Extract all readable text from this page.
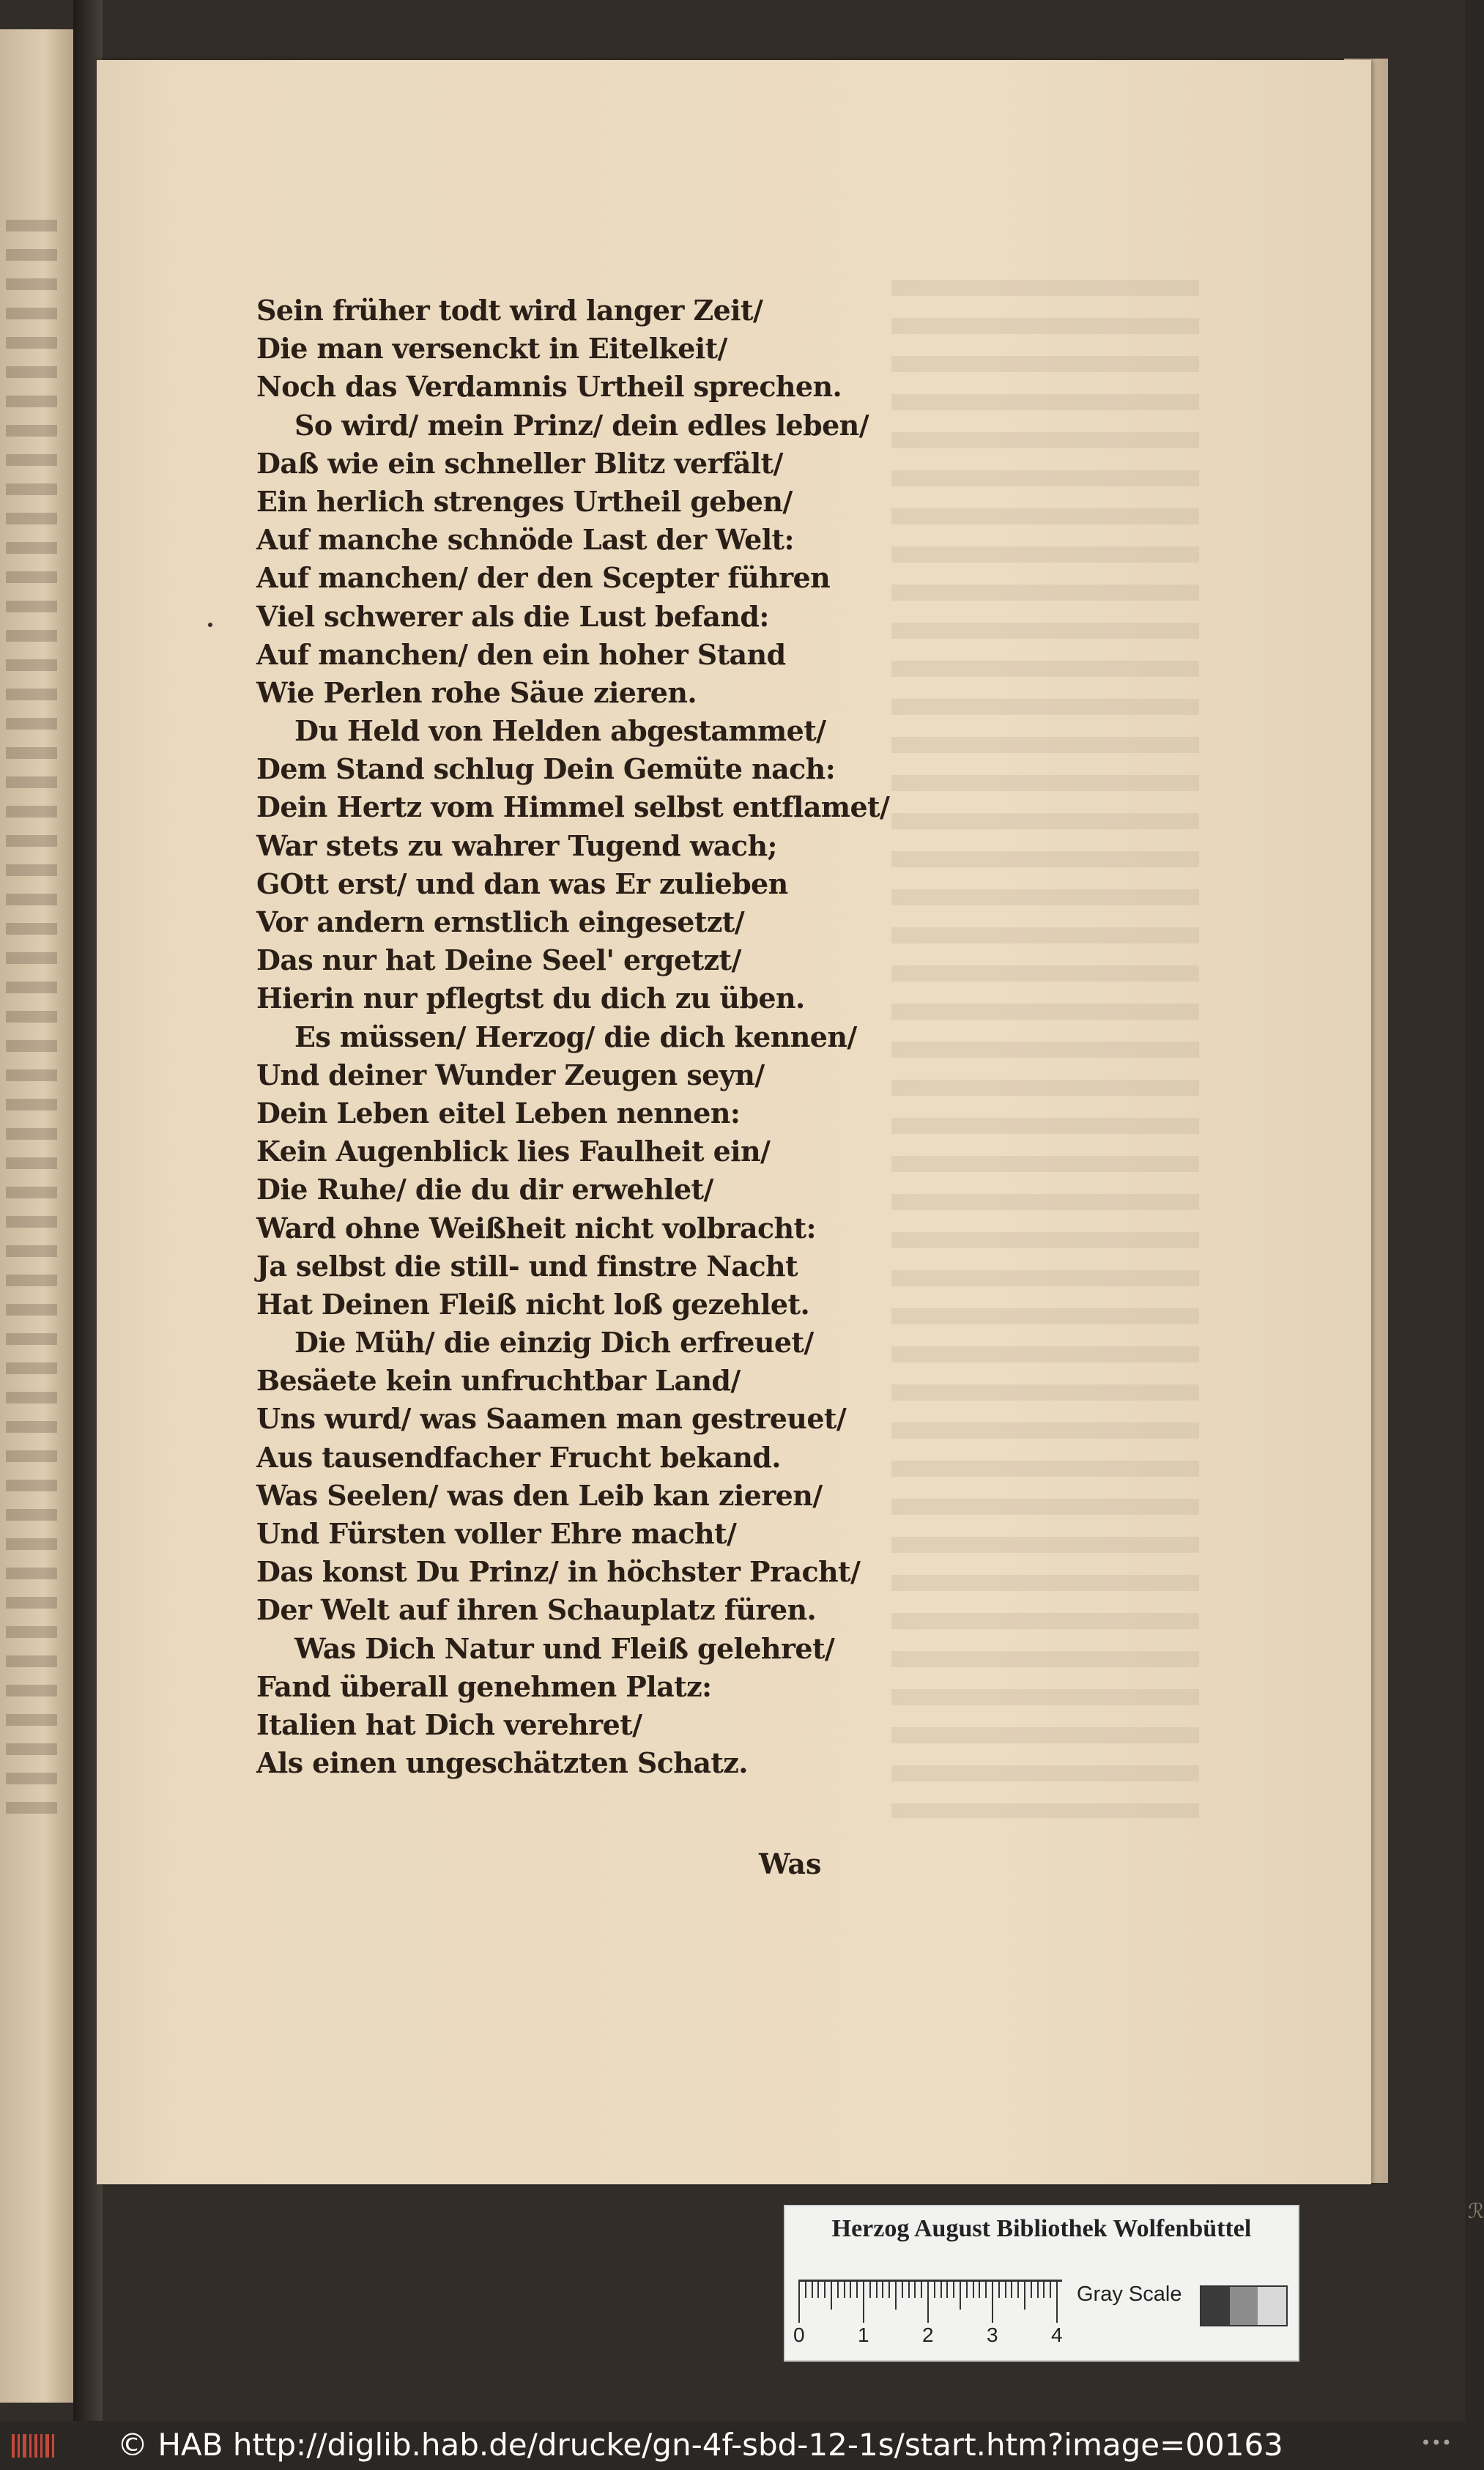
Sein früher todt wird langer Zeit/
Die man versenckt in Eitelkeit/
Noch das Verdamnis Urtheil sprechen.
So wird/ mein Prinz/ dein edles leben/
Daß wie ein schneller Blitz verfält/
Ein herlich strenges Urtheil geben/
Auf manche schnöde Last der Welt:
Auf manchen/ der den Scepter führen
Viel schwerer als die Lust befand:
Auf manchen/ den ein hoher Stand
Wie Perlen rohe Säue zieren.
Du Held von Helden abgestammet/
Dem Stand schlug Dein Gemüte nach:
Dein Hertz vom Himmel selbst entflamet/
War stets zu wahrer Tugend wach;
GOtt erst/ und dan was Er zulieben
Vor andern ernstlich eingesetzt/
Das nur hat Deine Seel' ergetzt/
Hierin nur pflegtst du dich zu üben.
Es müssen/ Herzog/ die dich kennen/
Und deiner Wunder Zeugen seyn/
Dein Leben eitel Leben nennen:
Kein Augenblick lies Faulheit ein/
Die Ruhe/ die du dir erwehlet/
Ward ohne Weißheit nicht volbracht:
Ja selbst die still- und finstre Nacht
Hat Deinen Fleiß nicht loß gezehlet.
Die Müh/ die einzig Dich erfreuet/
Besäete kein unfruchtbar Land/
Uns wurd/ was Saamen man gestreuet/
Aus tausendfacher Frucht bekand.
Was Seelen/ was den Leib kan zieren/
Und Fürsten voller Ehre macht/
Das konst Du Prinz/ in höchster Pracht/
Der Welt auf ihren Schauplatz füren.
Was Dich Natur und Fleiß gelehret/
Fand überall genehmen Platz:
Italien hat Dich verehret/
Als einen ungeschätzten Schatz.
Was
ℛ
Herzog August Bibliothek Wolfenbüttel
Gray Scale
0	1	2	3	4
© HAB http://diglib.hab.de/drucke/gn-4f-sbd-12-1s/start.htm?image=00163	•••
